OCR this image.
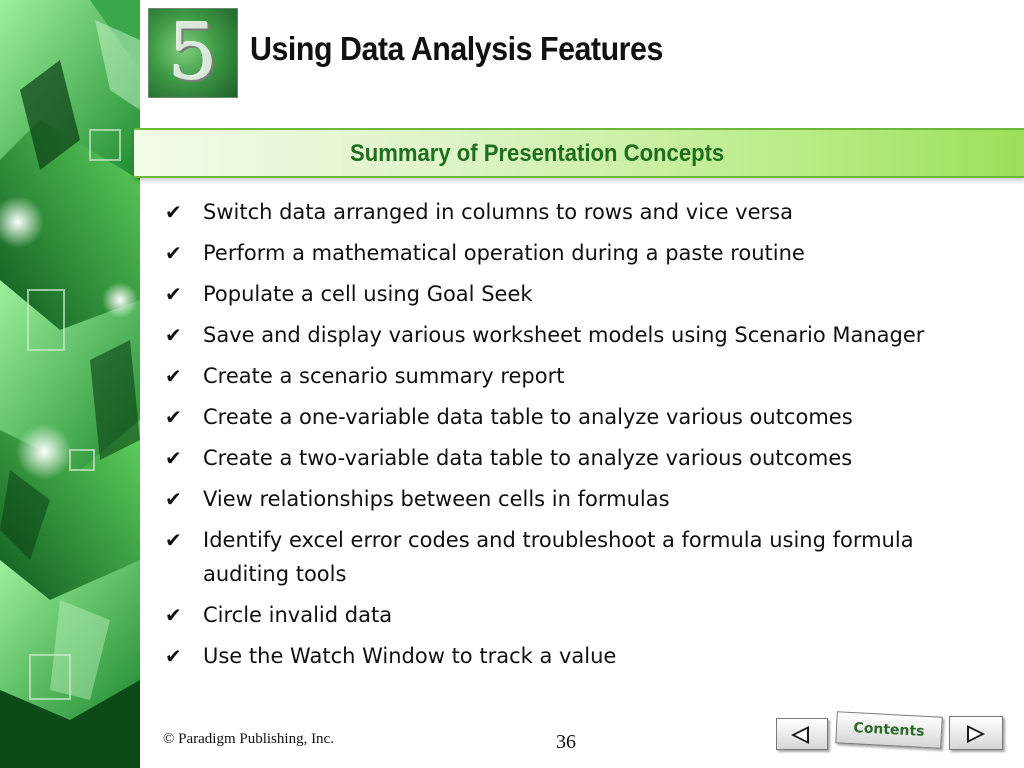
5 Using Data Analysis Features
Summary of Presentation Concepts
✔ Switch data arranged in columns to rows and vice versa
✔ Perform a mathematical operation during a paste routine
✔ Populate a cell using Goal Seek
✔ Save and display various worksheet models using Scenario Manager
✔ Create a scenario summary report
✔ Create a one-variable data table to analyze various outcomes
✔ Create a two-variable data table to analyze various outcomes
✔ View relationships between cells in formulas
✔ Identify excel error codes and troubleshoot a formula using formula auditing tools
✔ Circle invalid data
✔ Use the Watch Window to track a value
© Paradigm Publishing, Inc.	36
Contents
